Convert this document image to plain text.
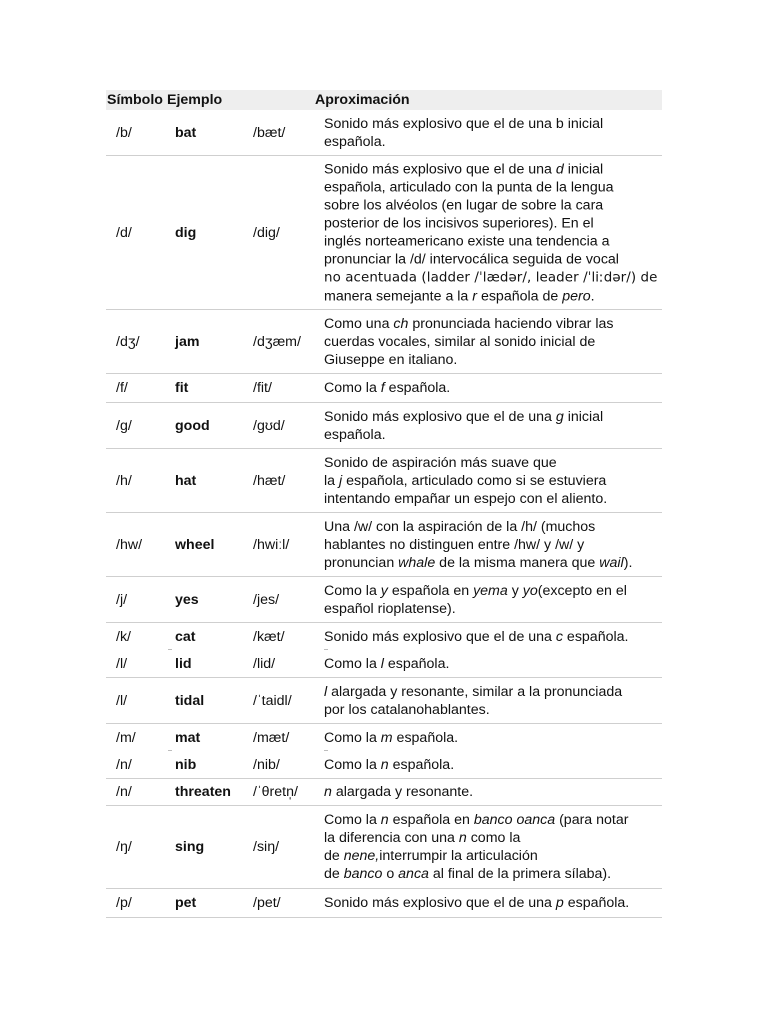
Símbolo Ejemplo	Aproximación
/b/	bat	/bæt/
Sonido más explosivo que el de una b inicial
española.
/d/	dig	/dig/
Sonido más explosivo que el de una d inicial
española, articulado con la punta de la lengua
sobre los alvéolos (en lugar de sobre la cara
posterior de los incisivos superiores). En el
inglés norteamericano existe una tendencia a
pronunciar la /d/ intervocálica seguida de vocal
no acentuada (ladder /ˈlædər/, leader /ˈliːdər/) de
manera semejante a la r española de pero.
/dʒ/ jam	/dʒæm/
Como una ch pronunciada haciendo vibrar las
cuerdas vocales, similar al sonido inicial de
Giuseppe en italiano.
/f/	fit	/fit/	Como la f española.
/g/	good	/gʊd/
Sonido más explosivo que el de una g inicial
española.
/h/	hat	/hæt/
Sonido de aspiración más suave que
la j española, articulado como si se estuviera
intentando empañar un espejo con el aliento.
/hw/ wheel	/hwiːl/
Una /w/ con la aspiración de la /h/ (muchos
hablantes no distinguen entre /hw/ y /w/ y
pronuncian whale de la misma manera que wail).
/j/	yes	/jes/
Como la y española en yema y yo(excepto en el
español rioplatense).
/k/	cat	/kæt/	Sonido más explosivo que el de una c española.
/l/	lid	/lid/	Como la l española.
/l/	tidal	/ˈtaidl/
l alargada y resonante, similar a la pronunciada
por los catalanohablantes.
/m/	mat	/mæt/ Como la m española.
/n/	nib	/nib/	Como la n española.
/n/	threaten /ˈθretn̩/ n alargada y resonante.
/ŋ/	sing	/siŋ/
Como la n española en banco oanca (para notar
la diferencia con una n como la
de nene,interrumpir la articulación
de banco o anca al final de la primera sílaba).
/p/	pet	/pet/	Sonido más explosivo que el de una p española.
